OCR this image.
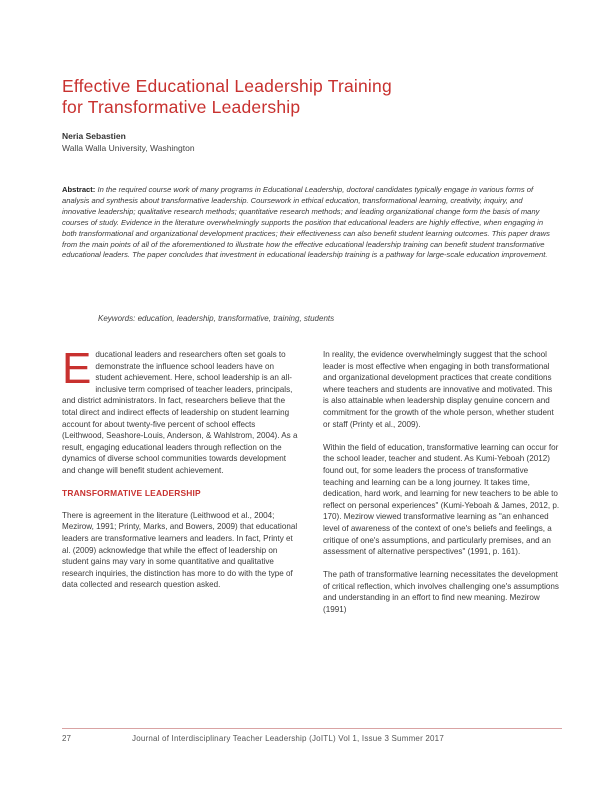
Effective Educational Leadership Training
for Transformative Leadership
Neria Sebastien
Walla Walla University, Washington

Abstract: In the required course work of many programs in Educational Leadership, doctoral candidates typically engage in various forms of analysis and synthesis about transformative leadership. Coursework in ethical education, transformational learning, creativity, inquiry, and innovative leadership; qualitative research methods; quantitative research methods; and leading organizational change form the basis of many courses of study. Evidence in the literature overwhelmingly supports the position that educational leaders are highly effective, when engaging in both transformational and organizational development practices; their effectiveness can also benefit student learning outcomes. This paper draws from the main points of all of the aforementioned to illustrate how the effective educational leadership training can benefit student transformative educational leaders. The paper concludes that investment in educational leadership training is a pathway for large-scale education improvement.

Keywords: education, leadership, transformative, training, students

Educational leaders and researchers often set goals to demonstrate the influence school leaders have on student achievement. Here, school leadership is an all-inclusive term comprised of teacher leaders, principals, and district administrators. In fact, researchers believe that the total direct and indirect effects of leadership on student learning account for about twenty-five percent of school effects (Leithwood, Seashore-Louis, Anderson, & Wahlstrom, 2004). As a result, engaging educational leaders through reflection on the dynamics of diverse school communities towards development and change will benefit student achievement.

TRANSFORMATIVE LEADERSHIP

There is agreement in the literature (Leithwood et al., 2004; Mezirow, 1991; Printy, Marks, and Bowers, 2009) that educational leaders are transformative learners and leaders. In fact, Printy et al. (2009) acknowledge that while the effect of leadership on student gains may vary in some quantitative and qualitative research inquiries, the distinction has more to do with the type of data collected and research question asked.

In reality, the evidence overwhelmingly suggest that the school leader is most effective when engaging in both transformational and organizational development practices that create conditions where teachers and students are innovative and motivated. This is also attainable when leadership display genuine concern and commitment for the growth of the whole person, whether student or staff (Printy et al., 2009).

Within the field of education, transformative learning can occur for the school leader, teacher and student. As Kumi-Yeboah (2012) found out, for some leaders the process of transformative teaching and learning can be a long journey. It takes time, dedication, hard work, and learning for new teachers to be able to reflect on personal experiences" (Kumi-Yeboah & James, 2012, p. 170). Mezirow viewed transformative learning as "an enhanced level of awareness of the context of one's beliefs and feelings, a critique of one's assumptions, and particularly premises, and an assessment of alternative perspectives" (1991, p. 161).

The path of transformative learning necessitates the development of critical reflection, which involves challenging one's assumptions and understanding in an effort to find new meaning. Mezirow (1991)

27	Journal of Interdisciplinary Teacher Leadership (JoITL) Vol 1, Issue 3 Summer 2017
